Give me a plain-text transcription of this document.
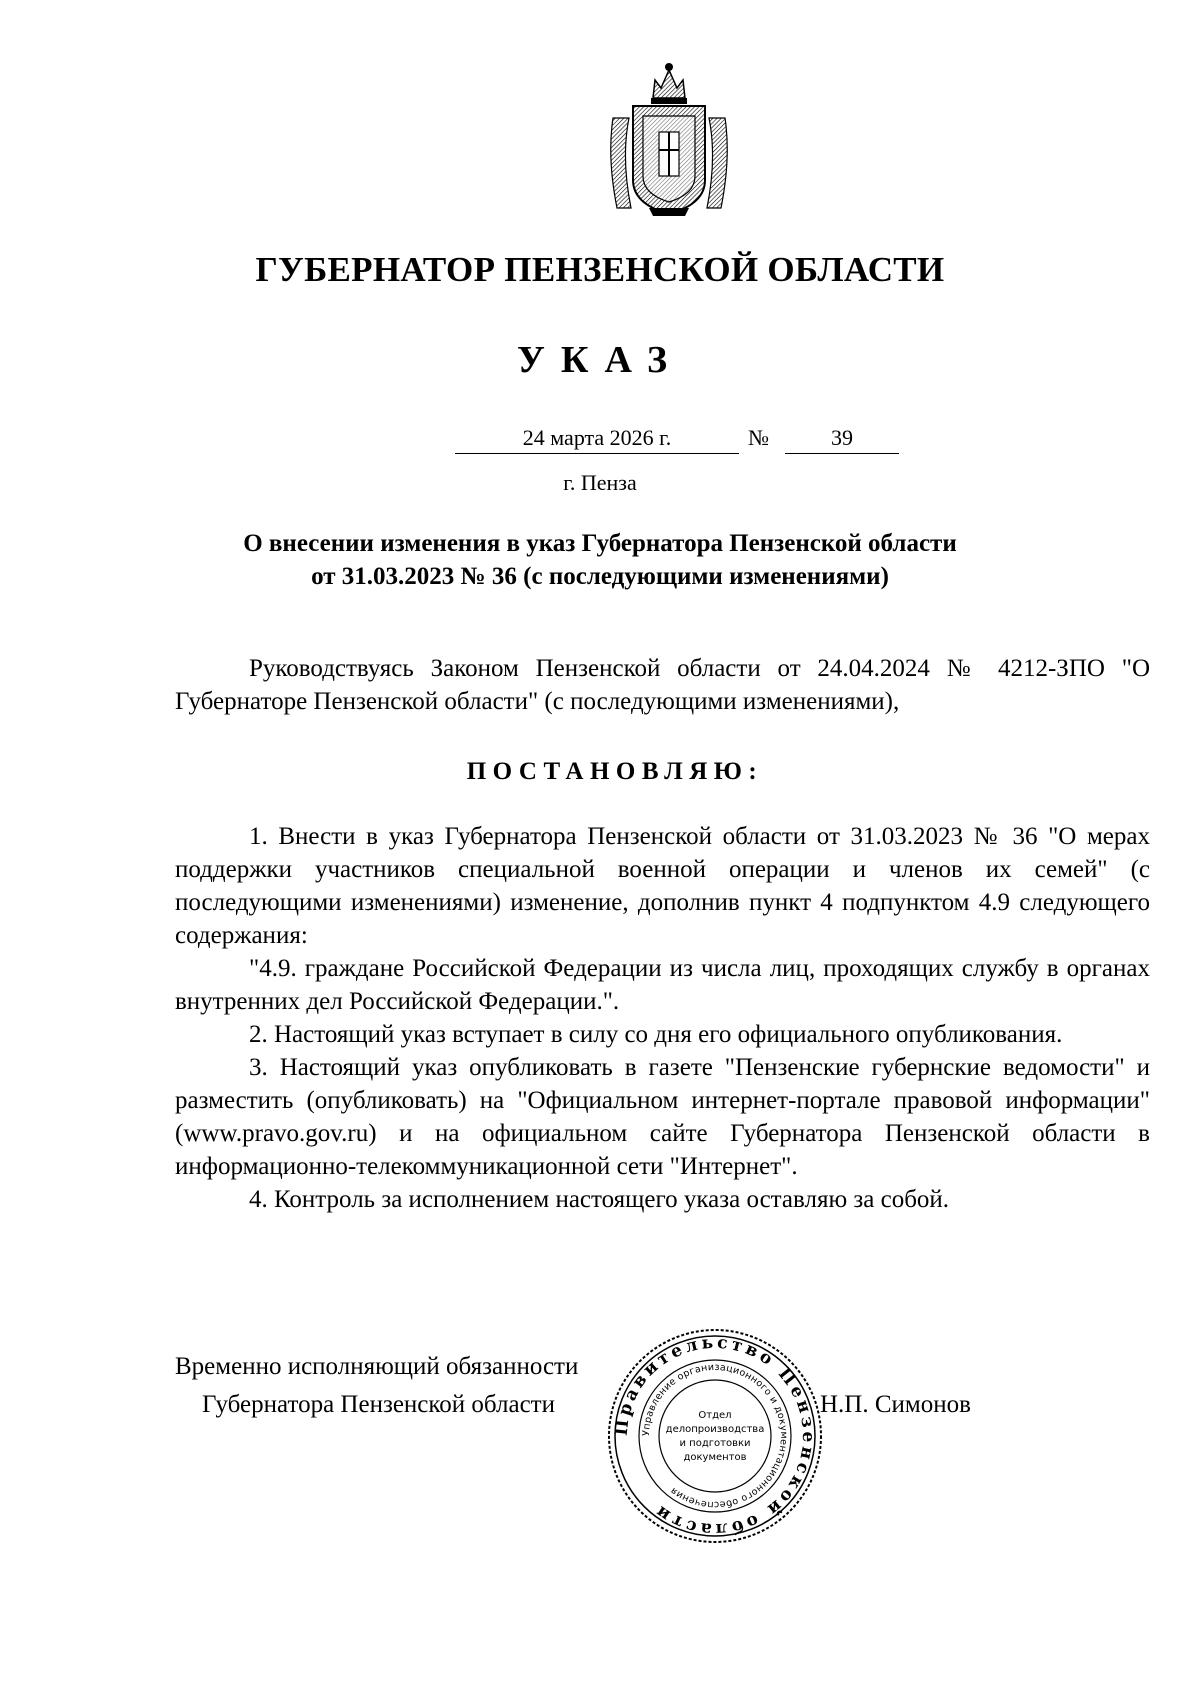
ГУБЕРНАТОР ПЕНЗЕНСКОЙ ОБЛАСТИ
УКАЗ
24 марта 2026 г.	№	39
г. Пенза
О внесении изменения в указ Губернатора Пензенской области
от 31.03.2023 № 36 (с последующими изменениями)

Руководствуясь Законом Пензенской области от 24.04.2024 № 4212-ЗПО "О Губернаторе Пензенской области" (с последующими изменениями),

ПОСТАНОВЛЯЮ:

1. Внести в указ Губернатора Пензенской области от 31.03.2023 № 36 "О мерах поддержки участников специальной военной операции и членов их семей" (с последующими изменениями) изменение, дополнив пункт 4 подпунктом 4.9 следующего содержания:

"4.9. граждане Российской Федерации из числа лиц, проходящих службу в органах внутренних дел Российской Федерации.".

2. Настоящий указ вступает в силу со дня его официального опубликования.

3. Настоящий указ опубликовать в газете "Пензенские губернские ведомости" и разместить (опубликовать) на "Официальном интернет-портале правовой информации" (www.pravo.gov.ru) и на официальном сайте Губернатора Пензенской области в информационно-телекоммуникационной сети "Интернет".

4. Контроль за исполнением настоящего указа оставляю за собой.

Временно исполняющий обязанности
Губернатора Пензенской области	Н.П. Симонов
Правительство Пензенской области
Управление организационного и документационного обеспечения
Отдел
делопроизводства
и подготовки
документов
